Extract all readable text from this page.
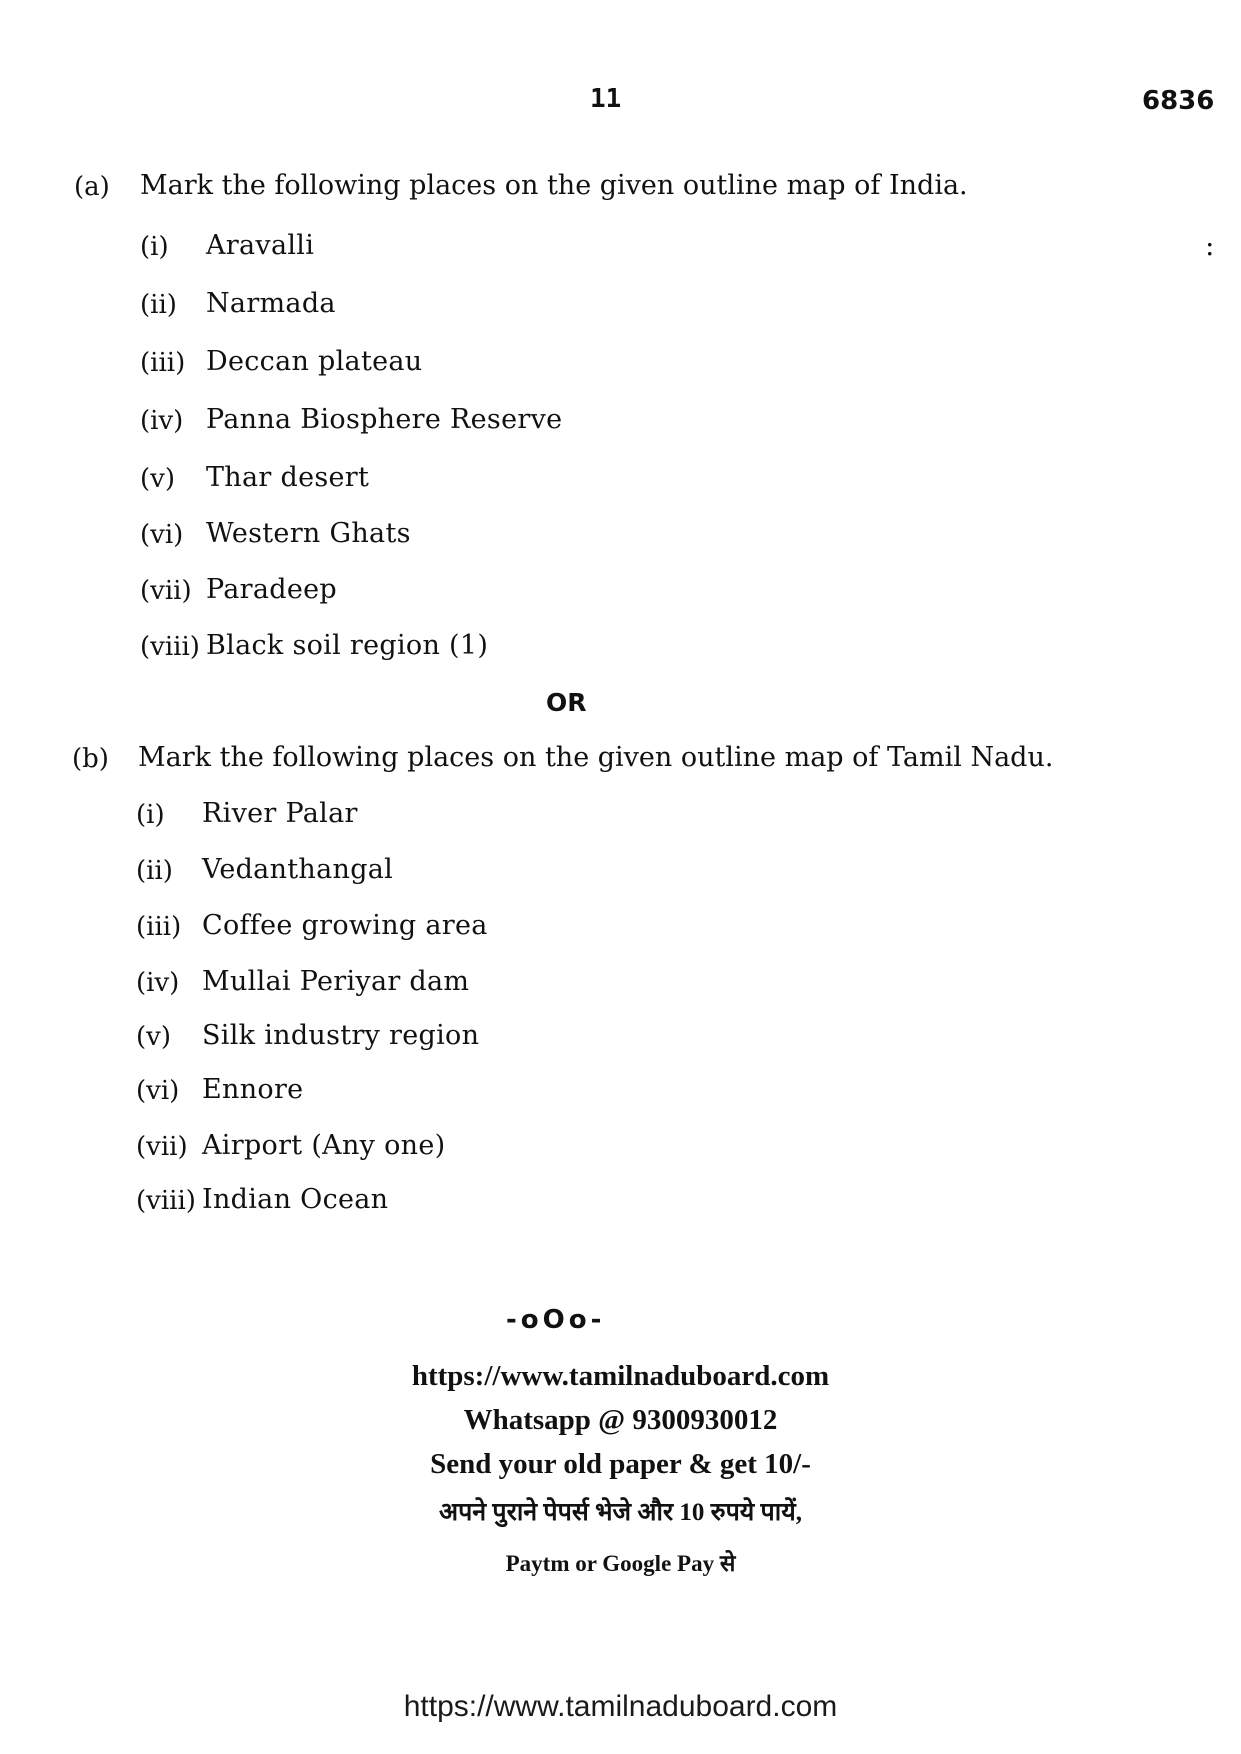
11	6836
:
(a) Mark the following places on the given outline map of India.
(i) Aravalli
(ii) Narmada
(iii) Deccan plateau
(iv) Panna Biosphere Reserve
(v) Thar desert
(vi) Western Ghats
(vii) Paradeep
(viii) Black soil region (1)
OR
(b) Mark the following places on the given outline map of Tamil Nadu.
(i) River Palar
(ii) Vedanthangal
(iii) Coffee growing area
(iv) Mullai Periyar dam
(v) Silk industry region
(vi) Ennore
(vii) Airport (Any one)
(viii) Indian Ocean
-oOo-
https://www.tamilnaduboard.com
Whatsapp @ 9300930012
Send your old paper & get 10/-
अपने पुराने पेपर्स भेजे और 10 रुपये पायें,
Paytm or Google Pay से
https://www.tamilnaduboard.com
